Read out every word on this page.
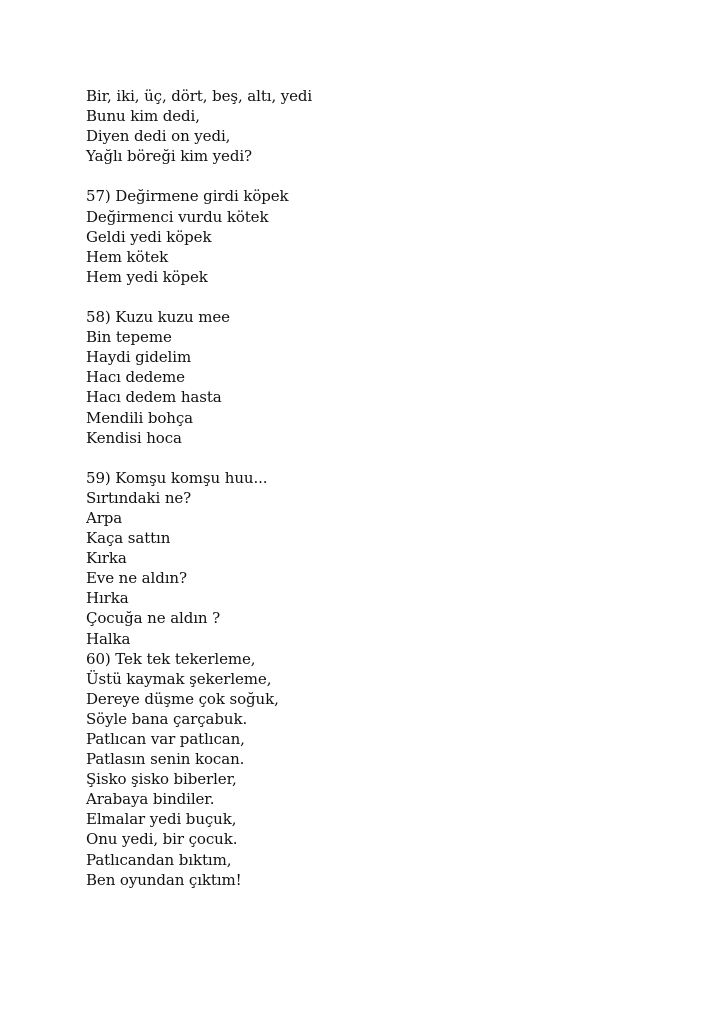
Bir, iki, üç, dört, beş, altı, yedi
Bunu kim dedi,
Diyen dedi on yedi,
Yağlı böreği kim yedi?
57) Değirmene girdi köpek
Değirmenci vurdu kötek
Geldi yedi köpek
Hem kötek
Hem yedi köpek
58) Kuzu kuzu mee
Bin tepeme
Haydi gidelim
Hacı dedeme
Hacı dedem hasta
Mendili bohça
Kendisi hoca
59) Komşu komşu huu...
Sırtındaki ne?
Arpa
Kaça sattın
Kırka
Eve ne aldın?
Hırka
Çocuğa ne aldın ?
Halka
60) Tek tek tekerleme,
Üstü kaymak şekerleme,
Dereye düşme çok soğuk,
Söyle bana çarçabuk.
Patlıcan var patlıcan,
Patlasın senin kocan.
Şisko şisko biberler,
Arabaya bindiler.
Elmalar yedi buçuk,
Onu yedi, bir çocuk.
Patlıcandan bıktım,
Ben oyundan çıktım!
